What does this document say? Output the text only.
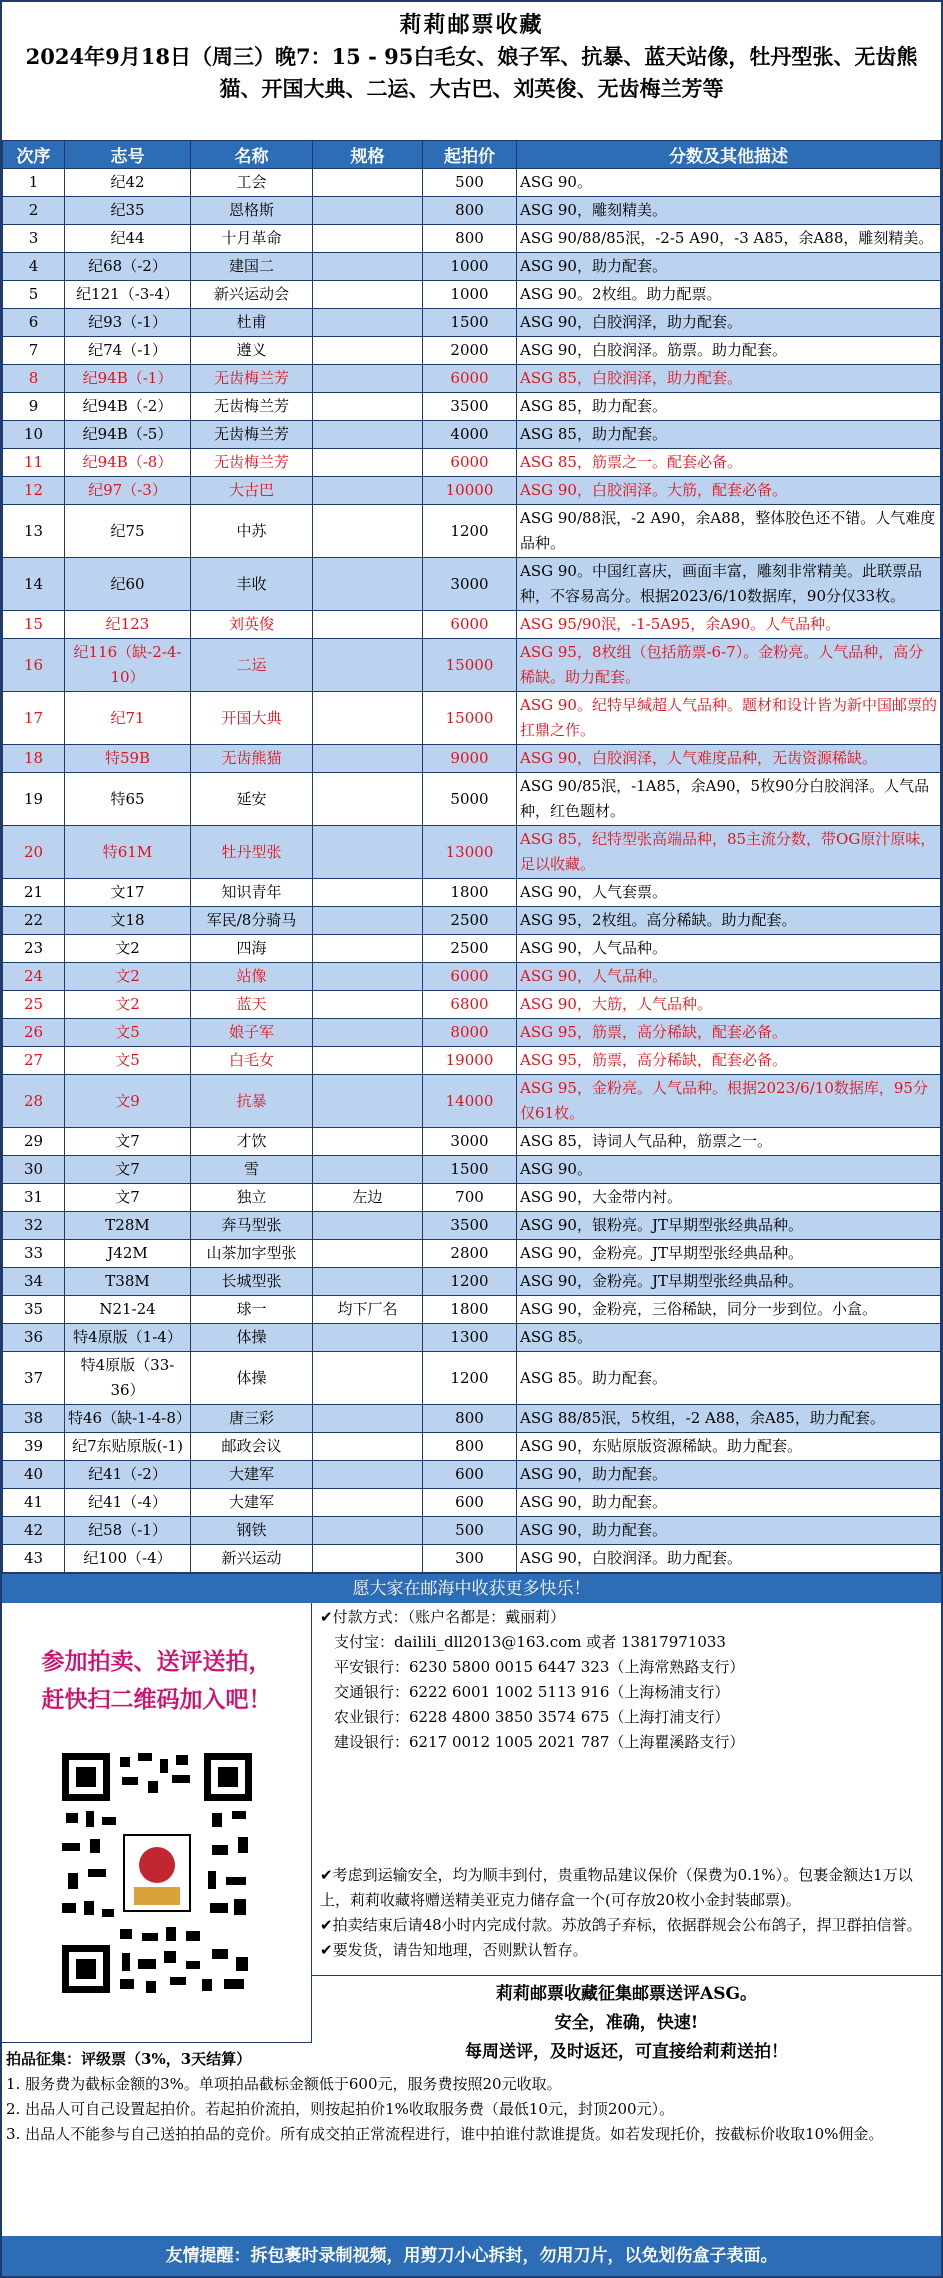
莉莉邮票收藏
2024年9月18日（周三）晚7：15 - 95白毛女、娘子军、抗暴、蓝天站像，牡丹型张、无齿熊猫、开国大典、二运、大古巴、刘英俊、无齿梅兰芳等
次序	志号	名称	规格	起拍价	分数及其他描述
1	纪42	工会		500	ASG 90。
2	纪35	恩格斯		800	ASG 90，雕刻精美。
3	纪44	十月革命		800	ASG 90/88/85泯，-2-5 A90，-3 A85，余A88，雕刻精美。
4	纪68（-2）	建国二		1000	ASG 90，助力配套。
5	纪121（-3-4）	新兴运动会		1000	ASG 90。2枚组。助力配票。
6	纪93（-1）	杜甫		1500	ASG 90，白胶润泽，助力配套。
7	纪74（-1）	遵义		2000	ASG 90，白胶润泽。筋票。助力配套。
8	纪94B（-1）	无齿梅兰芳		6000	ASG 85，白胶润泽，助力配套。
9	纪94B（-2）	无齿梅兰芳		3500	ASG 85，助力配套。
10	纪94B（-5）	无齿梅兰芳		4000	ASG 85，助力配套。
11	纪94B（-8）	无齿梅兰芳		6000	ASG 85，筋票之一。配套必备。
12	纪97（-3）	大古巴		10000	ASG 90，白胶润泽。大筋，配套必备。
13	纪75	中苏		1200	ASG 90/88泯，-2 A90，余A88，整体胶色还不错。人气难度品种。
14	纪60	丰收		3000	ASG 90。中国红喜庆，画面丰富，雕刻非常精美。此联票品种，不容易高分。根据2023/6/10数据库，90分仅33枚。
15	纪123	刘英俊		6000	ASG 95/90泯，-1-5A95，余A90。人气品种。
16	纪116（缺-2-4-10）	二运		15000	ASG 95，8枚组（包括筋票-6-7）。金粉亮。人气品种，高分稀缺。助力配套。
17	纪71	开国大典		15000	ASG 90。纪特早缄超人气品种。题材和设计皆为新中国邮票的扛鼎之作。
18	特59B	无齿熊猫		9000	ASG 90，白胶润泽，人气难度品种，无齿资源稀缺。
19	特65	延安		5000	ASG 90/85泯，-1A85，余A90，5枚90分白胶润泽。人气品种，红色题材。
20	特61M	牡丹型张		13000	ASG 85，纪特型张高端品种，85主流分数，带OG原汁原味，足以收藏。
21	文17	知识青年		1800	ASG 90，人气套票。
22	文18	军民/8分骑马		2500	ASG 95，2枚组。高分稀缺。助力配套。
23	文2	四海		2500	ASG 90，人气品种。
24	文2	站像		6000	ASG 90，人气品种。
25	文2	蓝天		6800	ASG 90，大筋，人气品种。
26	文5	娘子军		8000	ASG 95，筋票，高分稀缺，配套必备。
27	文5	白毛女		19000	ASG 95，筋票，高分稀缺，配套必备。
28	文9	抗暴		14000	ASG 95，金粉亮。人气品种。根据2023/6/10数据库，95分仅61枚。
29	文7	才饮		3000	ASG 85，诗词人气品种，筋票之一。
30	文7	雪		1500	ASG 90。
31	文7	独立	左边	700	ASG 90，大金带内衬。
32	T28M	奔马型张		3500	ASG 90，银粉亮。JT早期型张经典品种。
33	J42M	山茶加字型张		2800	ASG 90，金粉亮。JT早期型张经典品种。
34	T38M	长城型张		1200	ASG 90，金粉亮。JT早期型张经典品种。
35	N21-24	球一	均下厂名	1800	ASG 90，金粉亮，三俗稀缺，同分一步到位。小盒。
36	特4原版（1-4）	体操		1300	ASG 85。
37	特4原版（33-36）	体操		1200	ASG 85。助力配套。
38	特46（缺-1-4-8）	唐三彩		800	ASG 88/85泯，5枚组，-2 A88，余A85，助力配套。
39	纪7东贴原版(-1)	邮政会议		800	ASG 90，东贴原版资源稀缺。助力配套。
40	纪41（-2）	大建军		600	ASG 90，助力配套。
41	纪41（-4）	大建军		600	ASG 90，助力配套。
42	纪58（-1）	钢铁		500	ASG 90，助力配套。
43	纪100（-4）	新兴运动		300	ASG 90，白胶润泽。助力配套。
愿大家在邮海中收获更多快乐！
参加拍卖、送评送拍，
赶快扫二维码加入吧！
✔付款方式：（账户名都是：戴丽莉）
支付宝：dailili_dll2013@163.com 或者 13817971033
平安银行：6230 5800 0015 6447 323（上海常熟路支行）
交通银行：6222 6001 1002 5113 916（上海杨浦支行）
农业银行：6228 4800 3850 3574 675（上海打浦支行）
建设银行：6217 0012 1005 2021 787（上海瞿溪路支行）
✔考虑到运输安全，均为顺丰到付，贵重物品建议保价（保费为0.1%）。包裹金额达1万以上，莉莉收藏将赠送精美亚克力储存盒一个(可存放20枚小金封装邮票)。
✔拍卖结束后请48小时内完成付款。苏放鸽子弃标，依据群规会公布鸽子，捍卫群拍信誉。
✔要发货，请告知地理，否则默认暂存。
莉莉邮票收藏征集邮票送评ASG。
安全，准确，快速!
每周送评，及时返还，可直接给莉莉送拍！
拍品征集：评级票（3%，3天结算）
1. 服务费为截标金额的3%。单项拍品截标金额低于600元，服务费按照20元收取。
2. 出品人可自己设置起拍价。若起拍价流拍，则按起拍价1%收取服务费（最低10元，封顶200元）。
3. 出品人不能参与自己送拍拍品的竞价。所有成交拍正常流程进行，谁中拍谁付款谁提货。如若发现托价，按截标价收取10%佣金。
友情提醒：拆包裹时录制视频，用剪刀小心拆封，勿用刀片，以免划伤盒子表面。
